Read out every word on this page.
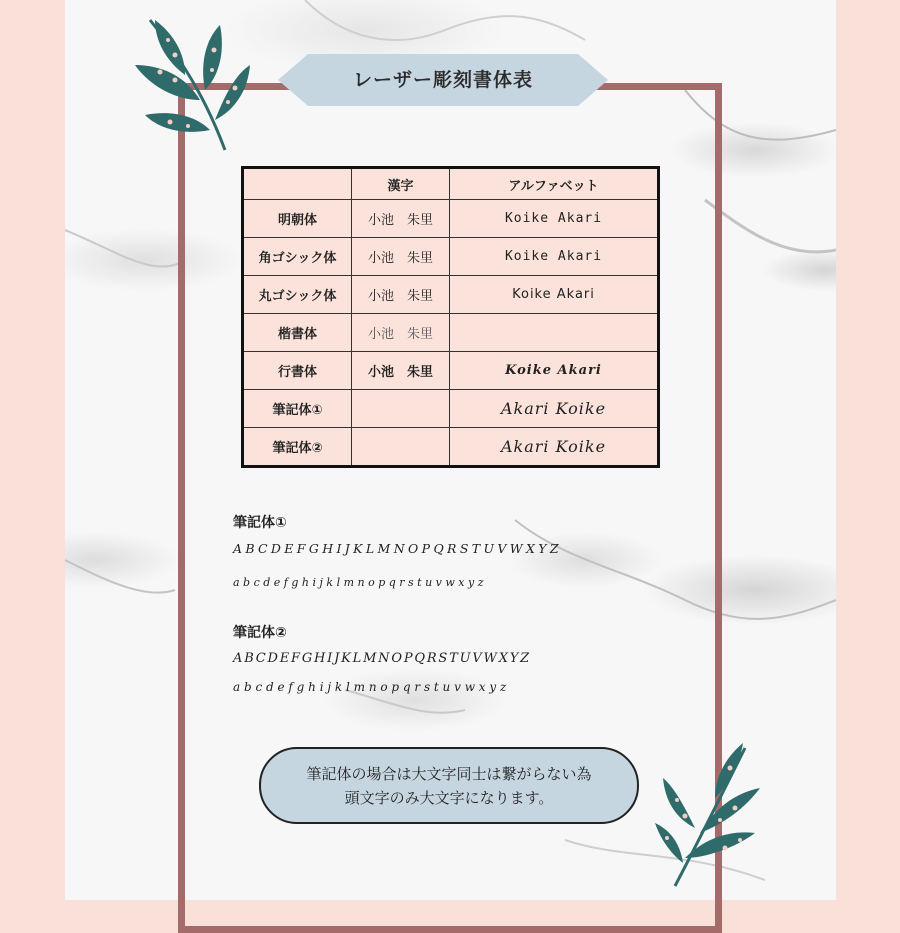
レーザー彫刻書体表
	漢字	アルファベット
明朝体	小池　朱里	Koike Akari
角ゴシック体	小池　朱里	Koike Akari
丸ゴシック体	小池　朱里	Koike Akari
楷書体	小池　朱里	
行書体	小池　朱里	Koike Akari
筆記体①		Akari Koike
筆記体②		Akari Koike
筆記体①
A B C D E F G H I J K L M N O P Q R S T U V W X Y Z
a b c d e f g h i j k l m n o p q r s t u v w x y z
筆記体②
ABCDEFGHIJKLMNOPQRSTUVWXYZ
a b c d e f g h i j k l m n o p q r s t u v w x y z
筆記体の場合は大文字同士は繋がらない為
頭文字のみ大文字になります。
